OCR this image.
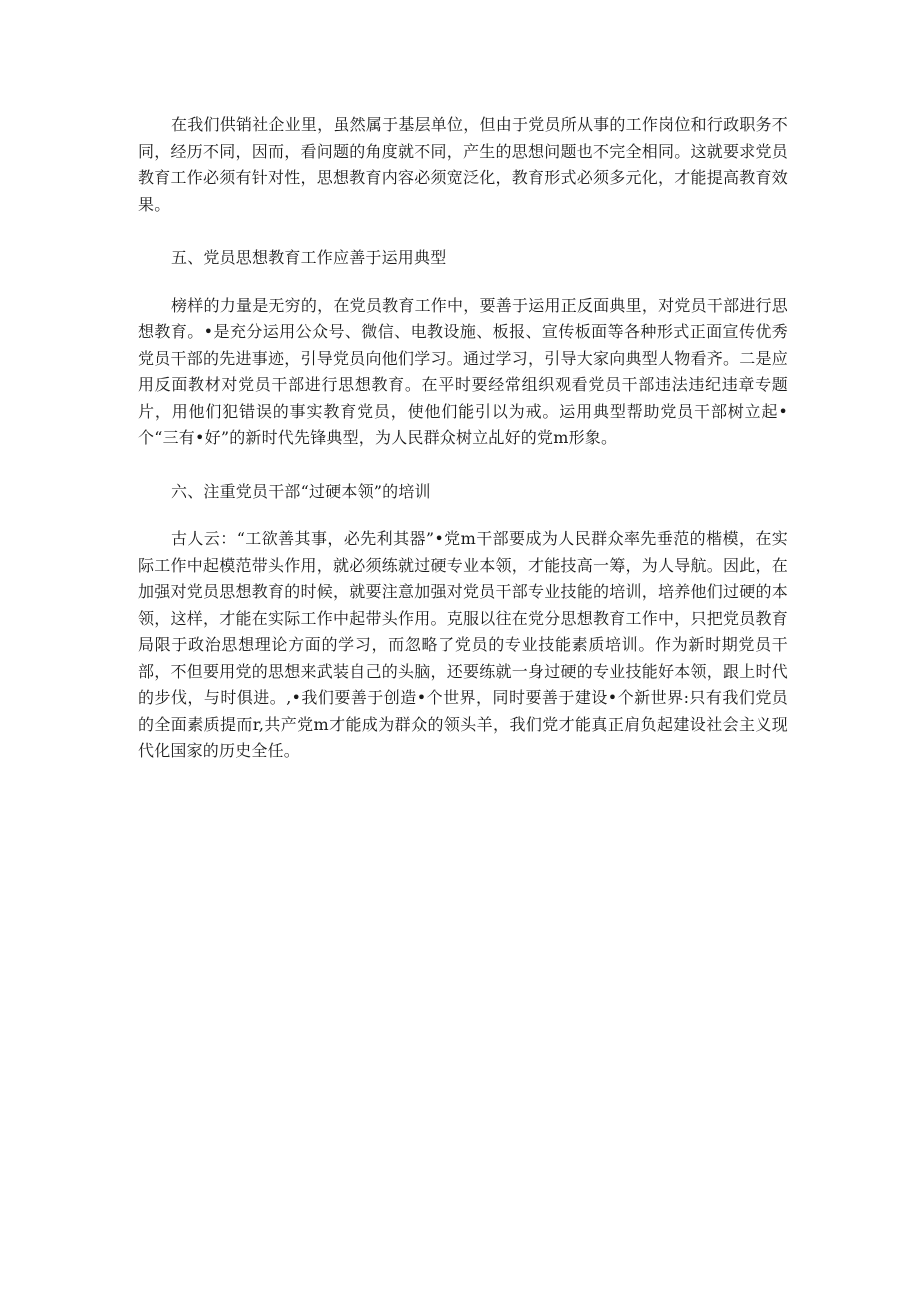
在我们供销社企业里，虽然属于基层单位，但由于党员所从事的工作岗位和行政职务不同，经历不同，因而，看问题的角度就不同，产生的思想问题也不完全相同。这就要求党员教育工作必须有针对性，思想教育内容必须宽泛化，教育形式必须多元化，才能提高教育效果。

五、党员思想教育工作应善于运用典型

榜样的力量是无穷的，在党员教育工作中，要善于运用正反面典里，对党员干部进行思想教育。•是充分运用公众号、微信、电教设施、板报、宣传板面等各种形式正面宣传优秀党员干部的先进事迹，引导党员向他们学习。通过学习，引导大家向典型人物看齐。二是应用反面教材对党员干部进行思想教育。在平时要经常组织观看党员干部违法违纪违章专题片，用他们犯错误的事实教育党员，使他们能引以为戒。运用典型帮助党员干部树立起•个“三有•好”的新时代先锋典型，为人民群众树立乩好的党m形象。

六、注重党员干部“过硬本领”的培训

古人云：“工欲善其事，必先利其器”•党m干部要成为人民群众率先垂范的楷模，在实际工作中起模范带头作用，就必须练就过硬专业本领，才能技高一筹，为人导航。因此，在加强对党员思想教育的时候，就要注意加强对党员干部专业技能的培训，培养他们过硬的本领，这样，才能在实际工作中起带头作用。克服以往在党分思想教育工作中，只把党员教育局限于政治思想理论方面的学习，而忽略了党员的专业技能素质培训。作为新时期党员干部，不但要用党的思想来武装自己的头脑，还要练就一身过硬的专业技能好本领，跟上时代的步伐，与时俱进。,•我们要善于创造•个世界，同时要善于建设•个新世界:只有我们党员的全面素质提而r,共产党m才能成为群众的领头羊，我们党才能真正肩负起建设社会主义现代化国家的历史全任。
